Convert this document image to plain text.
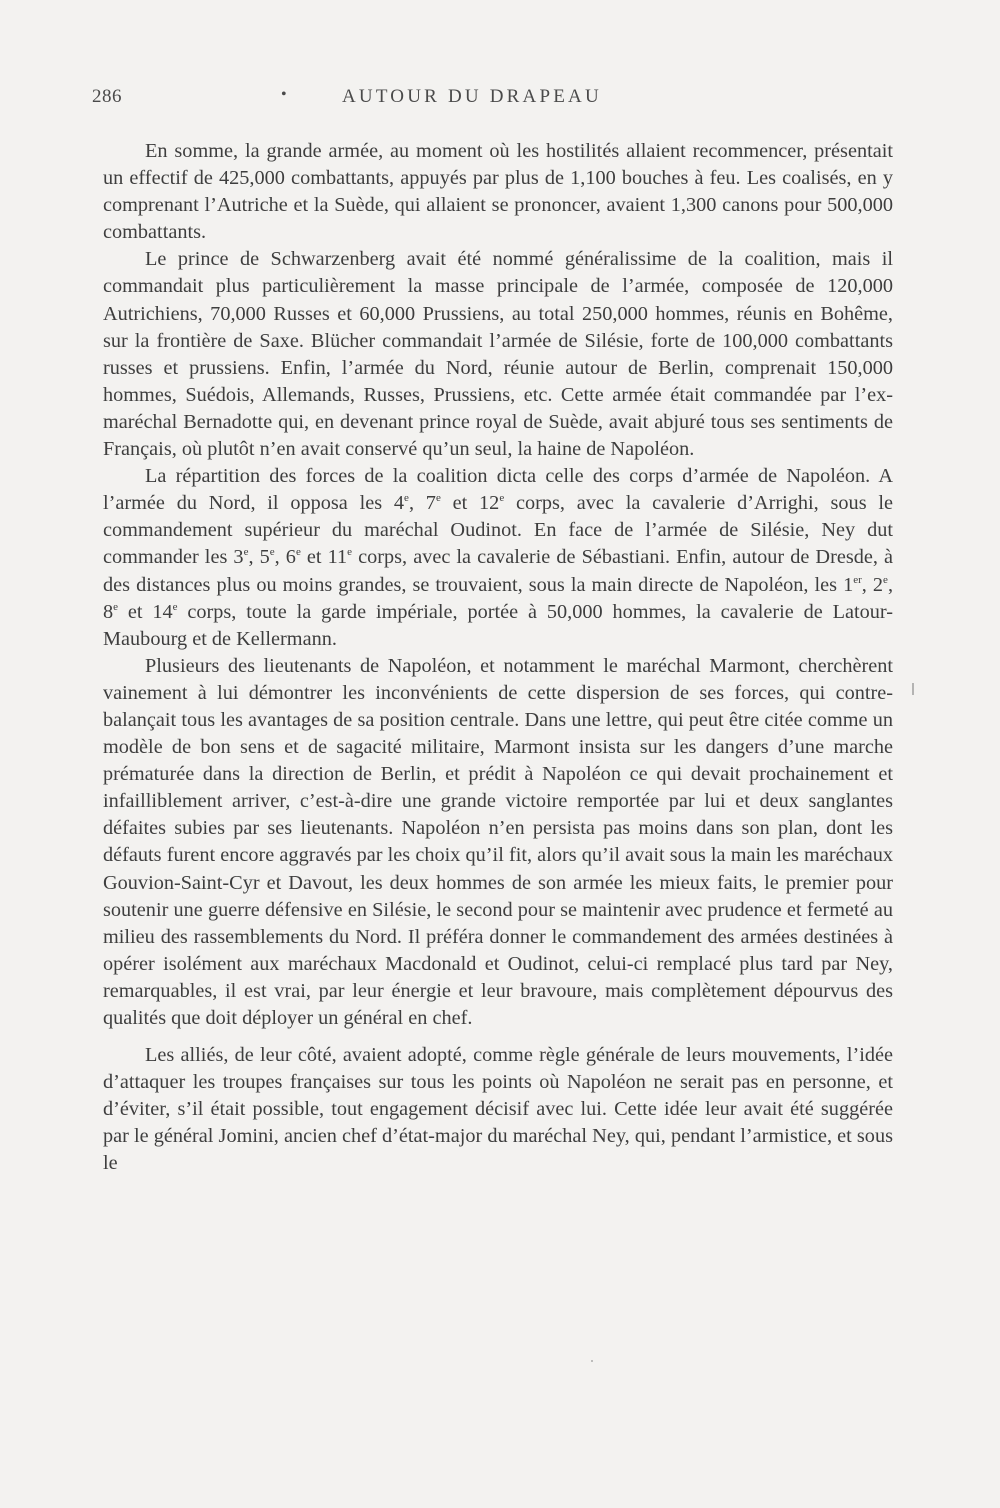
286	•	AUTOUR DU DRAPEAU

En somme, la grande armée, au moment où les hostilités allaient recommencer, présentait un effectif de 425,000 combattants, appuyés par plus de 1,100 bouches à feu. Les coalisés, en y comprenant l’Autriche et la Suède, qui allaient se prononcer, avaient 1,300 canons pour 500,000 combattants.

Le prince de Schwarzenberg avait été nommé généralissime de la coalition, mais il commandait plus particulièrement la masse principale de l’armée, composée de 120,000 Autrichiens, 70,000 Russes et 60,000 Prussiens, au total 250,000 hommes, réunis en Bohême, sur la frontière de Saxe. Blücher commandait l’armée de Silésie, forte de 100,000 combattants russes et prussiens. Enfin, l’armée du Nord, réunie autour de Berlin, comprenait 150,000 hommes, Suédois, Allemands, Russes, Prussiens, etc. Cette armée était commandée par l’ex-maréchal Bernadotte qui, en devenant prince royal de Suède, avait abjuré tous ses sentiments de Français, où plutôt n’en avait conservé qu’un seul, la haine de Napoléon.

La répartition des forces de la coalition dicta celle des corps d’armée de Napoléon. A l’armée du Nord, il opposa les 4e, 7e et 12e corps, avec la cavalerie d’Arrighi, sous le commandement supérieur du maréchal Oudinot. En face de l’armée de Silésie, Ney dut commander les 3e, 5e, 6e et 11e corps, avec la cavalerie de Sébastiani. Enfin, autour de Dresde, à des distances plus ou moins grandes, se trouvaient, sous la main directe de Napoléon, les 1er, 2e, 8e et 14e corps, toute la garde impériale, portée à 50,000 hommes, la cavalerie de Latour-Maubourg et de Kellermann.

Plusieurs des lieutenants de Napoléon, et notamment le maréchal Marmont, cherchèrent vainement à lui démontrer les inconvénients de cette dispersion de ses forces, qui contre-balançait tous les avantages de sa position centrale. Dans une lettre, qui peut être citée comme un modèle de bon sens et de sagacité militaire, Marmont insista sur les dangers d’une marche prématurée dans la direction de Berlin, et prédit à Napoléon ce qui devait prochainement et infailliblement arriver, c’est-à-dire une grande victoire remportée par lui et deux sanglantes défaites subies par ses lieutenants. Napoléon n’en persista pas moins dans son plan, dont les défauts furent encore aggravés par les choix qu’il fit, alors qu’il avait sous la main les maréchaux Gouvion-Saint-Cyr et Davout, les deux hommes de son armée les mieux faits, le premier pour soutenir une guerre défensive en Silésie, le second pour se maintenir avec prudence et fermeté au milieu des rassemblements du Nord. Il préféra donner le commandement des armées destinées à opérer isolément aux maréchaux Macdonald et Oudinot, celui-ci remplacé plus tard par Ney, remarquables, il est vrai, par leur énergie et leur bravoure, mais complètement dépourvus des qualités que doit déployer un général en chef.

Les alliés, de leur côté, avaient adopté, comme règle générale de leurs mouvements, l’idée d’attaquer les troupes françaises sur tous les points où Napoléon ne serait pas en personne, et d’éviter, s’il était possible, tout engagement décisif avec lui. Cette idée leur avait été suggérée par le général Jomini, ancien chef d’état-major du maréchal Ney, qui, pendant l’armistice, et sous le
